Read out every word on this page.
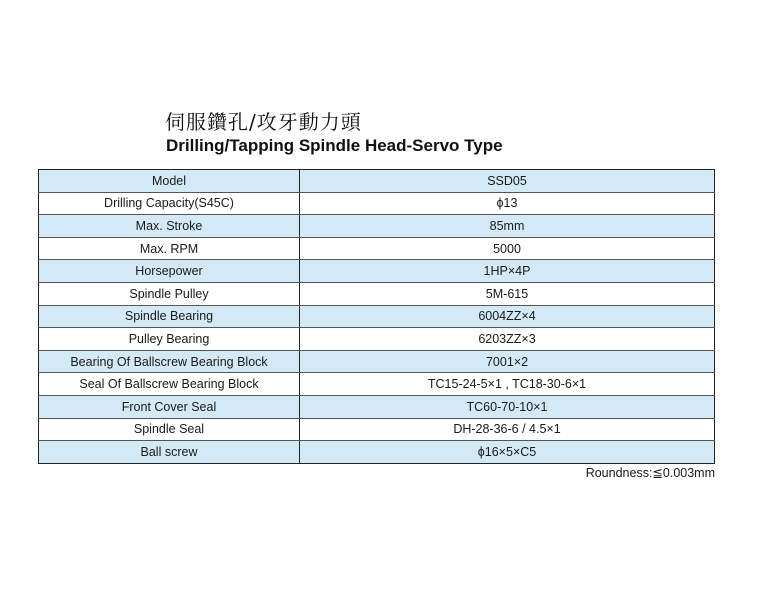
伺服鑽孔/攻牙動力頭
Drilling/Tapping Spindle Head-Servo Type
Model	SSD05
Drilling Capacity(S45C)	ϕ13
Max. Stroke	85mm
Max. RPM	5000
Horsepower	1HP×4P
Spindle Pulley	5M-615
Spindle Bearing	6004ZZ×4
Pulley Bearing	6203ZZ×3
Bearing Of Ballscrew Bearing Block	7001×2
Seal Of Ballscrew Bearing Block	TC15-24-5×1 , TC18-30-6×1
Front Cover Seal	TC60-70-10×1
Spindle Seal	DH-28-36-6 / 4.5×1
Ball screw	ϕ16×5×C5
Roundness:≦0.003mm
